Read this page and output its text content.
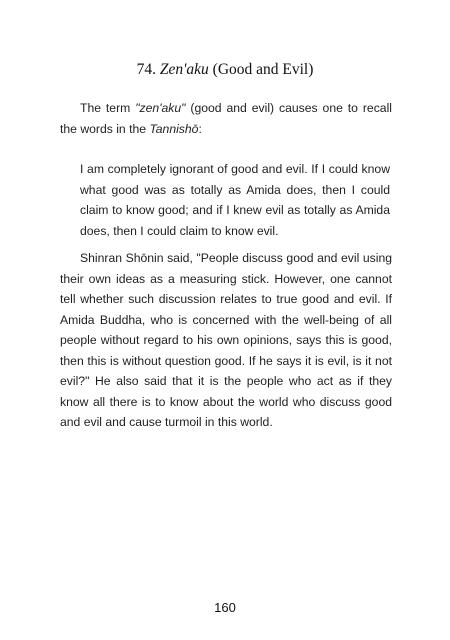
74. Zen'aku (Good and Evil)

The term "zen'aku" (good and evil) causes one to recall the words in the Tannishō:

I am completely ignorant of good and evil. If I could know what good was as totally as Amida does, then I could claim to know good; and if I knew evil as totally as Amida does, then I could claim to know evil.

Shinran Shōnin said, "People discuss good and evil using their own ideas as a measuring stick. However, one cannot tell whether such discussion relates to true good and evil. If Amida Buddha, who is concerned with the well-being of all people without regard to his own opinions, says this is good, then this is without question good. If he says it is evil, is it not evil?" He also said that it is the people who act as if they know all there is to know about the world who discuss good and evil and cause turmoil in this world.

160
